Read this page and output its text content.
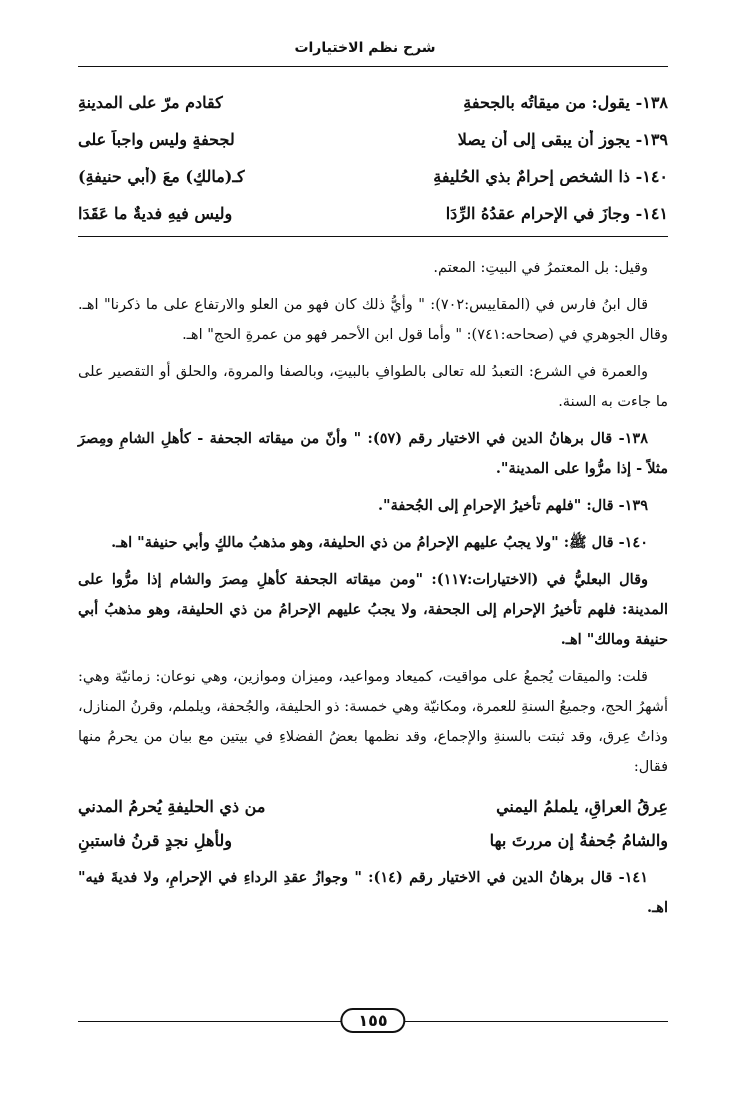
شرح نظم الاختيارات
١٣٨- يقول: من ميقاتُه بالجحفةِ
كقادمٍ مرّ على المدينةِ
١٣٩- يجوز أن يبقى إلى أن يصلا
لجحفةٍ وليس واجباً على
١٤٠- ذا الشخصِ إحرامٌ بذي الحُليفةِ
كـ(مالكٍ) معَ (أبي حنيفةِ)
١٤١- وجازَ في الإحرامِ عقدُهُ الرِّدَا
وليس فيهِ فديةٌ ما عَقَدَا

وقيل: بل المعتمرُ في البيتِ: المعتم.

قال ابنُ فارس في (المقاييس:٧٠٢): " وأيُّ ذلك كان فهو من العلو والارتفاع على ما ذكرنا" اهـ. وقال الجوهري في (صحاحه:٧٤١): " وأما قول ابن الأحمر فهو من عمرةِ الحج" اهـ.

والعمرة في الشرع: التعبدُ لله تعالى بالطوافِ بالبيتِ، وبالصفا والمروة، والحلق أو التقصير على ما جاءت به السنة.

١٣٨- قال برهانُ الدين في الاختيار رقم (٥٧): " وأنّ من ميقاته الجحفة - كأهلِ الشامِ ومِصرَ مثلاً - إذا مرُّوا على المدينة".

١٣٩- قال: "فلهم تأخيرُ الإحرامِ إلى الجُحفة".

١٤٠- قال ﷺ: "ولا يجبُ عليهم الإحرامُ من ذي الحليفة، وهو مذهبُ مالكٍ وأبي حنيفة" اهـ.

وقال البعليُّ في (الاختيارات:١١٧): "ومن ميقاته الجحفة كأهلِ مِصرَ والشام إذا مرُّوا على المدينة: فلهم تأخيرُ الإحرام إلى الجحفة، ولا يجبُ عليهم الإحرامُ من ذي الحليفة، وهو مذهبُ أبي حنيفة ومالك" اهـ.

قلت: والميقات يُجمعُ على مواقيت، كميعاد ومواعيد، وميزان وموازين، وهي نوعان: زمانيّة وهي: أشهرُ الحج، وجميعُ السنةِ للعمرة، ومكانيّة وهي خمسة: ذو الحليفة، والجُحفة، ويلملم، وقرنُ المنازل، وذاتُ عِرق، وقد ثبتت بالسنةِ والإجماع، وقد نظمها بعضُ الفضلاءِ في بيتين مع بيان من يحرمُ منها فقال:

عِرقُ العراقِ، يلملمُ اليمني
من ذي الحليفةِ يُحرمُ المدني
والشامُ جُحفةُ إن مررتَ بها
ولأهلِ نجدٍ قرنُ فاستبنِ

١٤١- قال برهانُ الدين في الاختيار رقم (١٤): " وجوازُ عقدِ الرداءِ في الإحرامِ، ولا فديةَ فيه" اهـ.

١٥٥
